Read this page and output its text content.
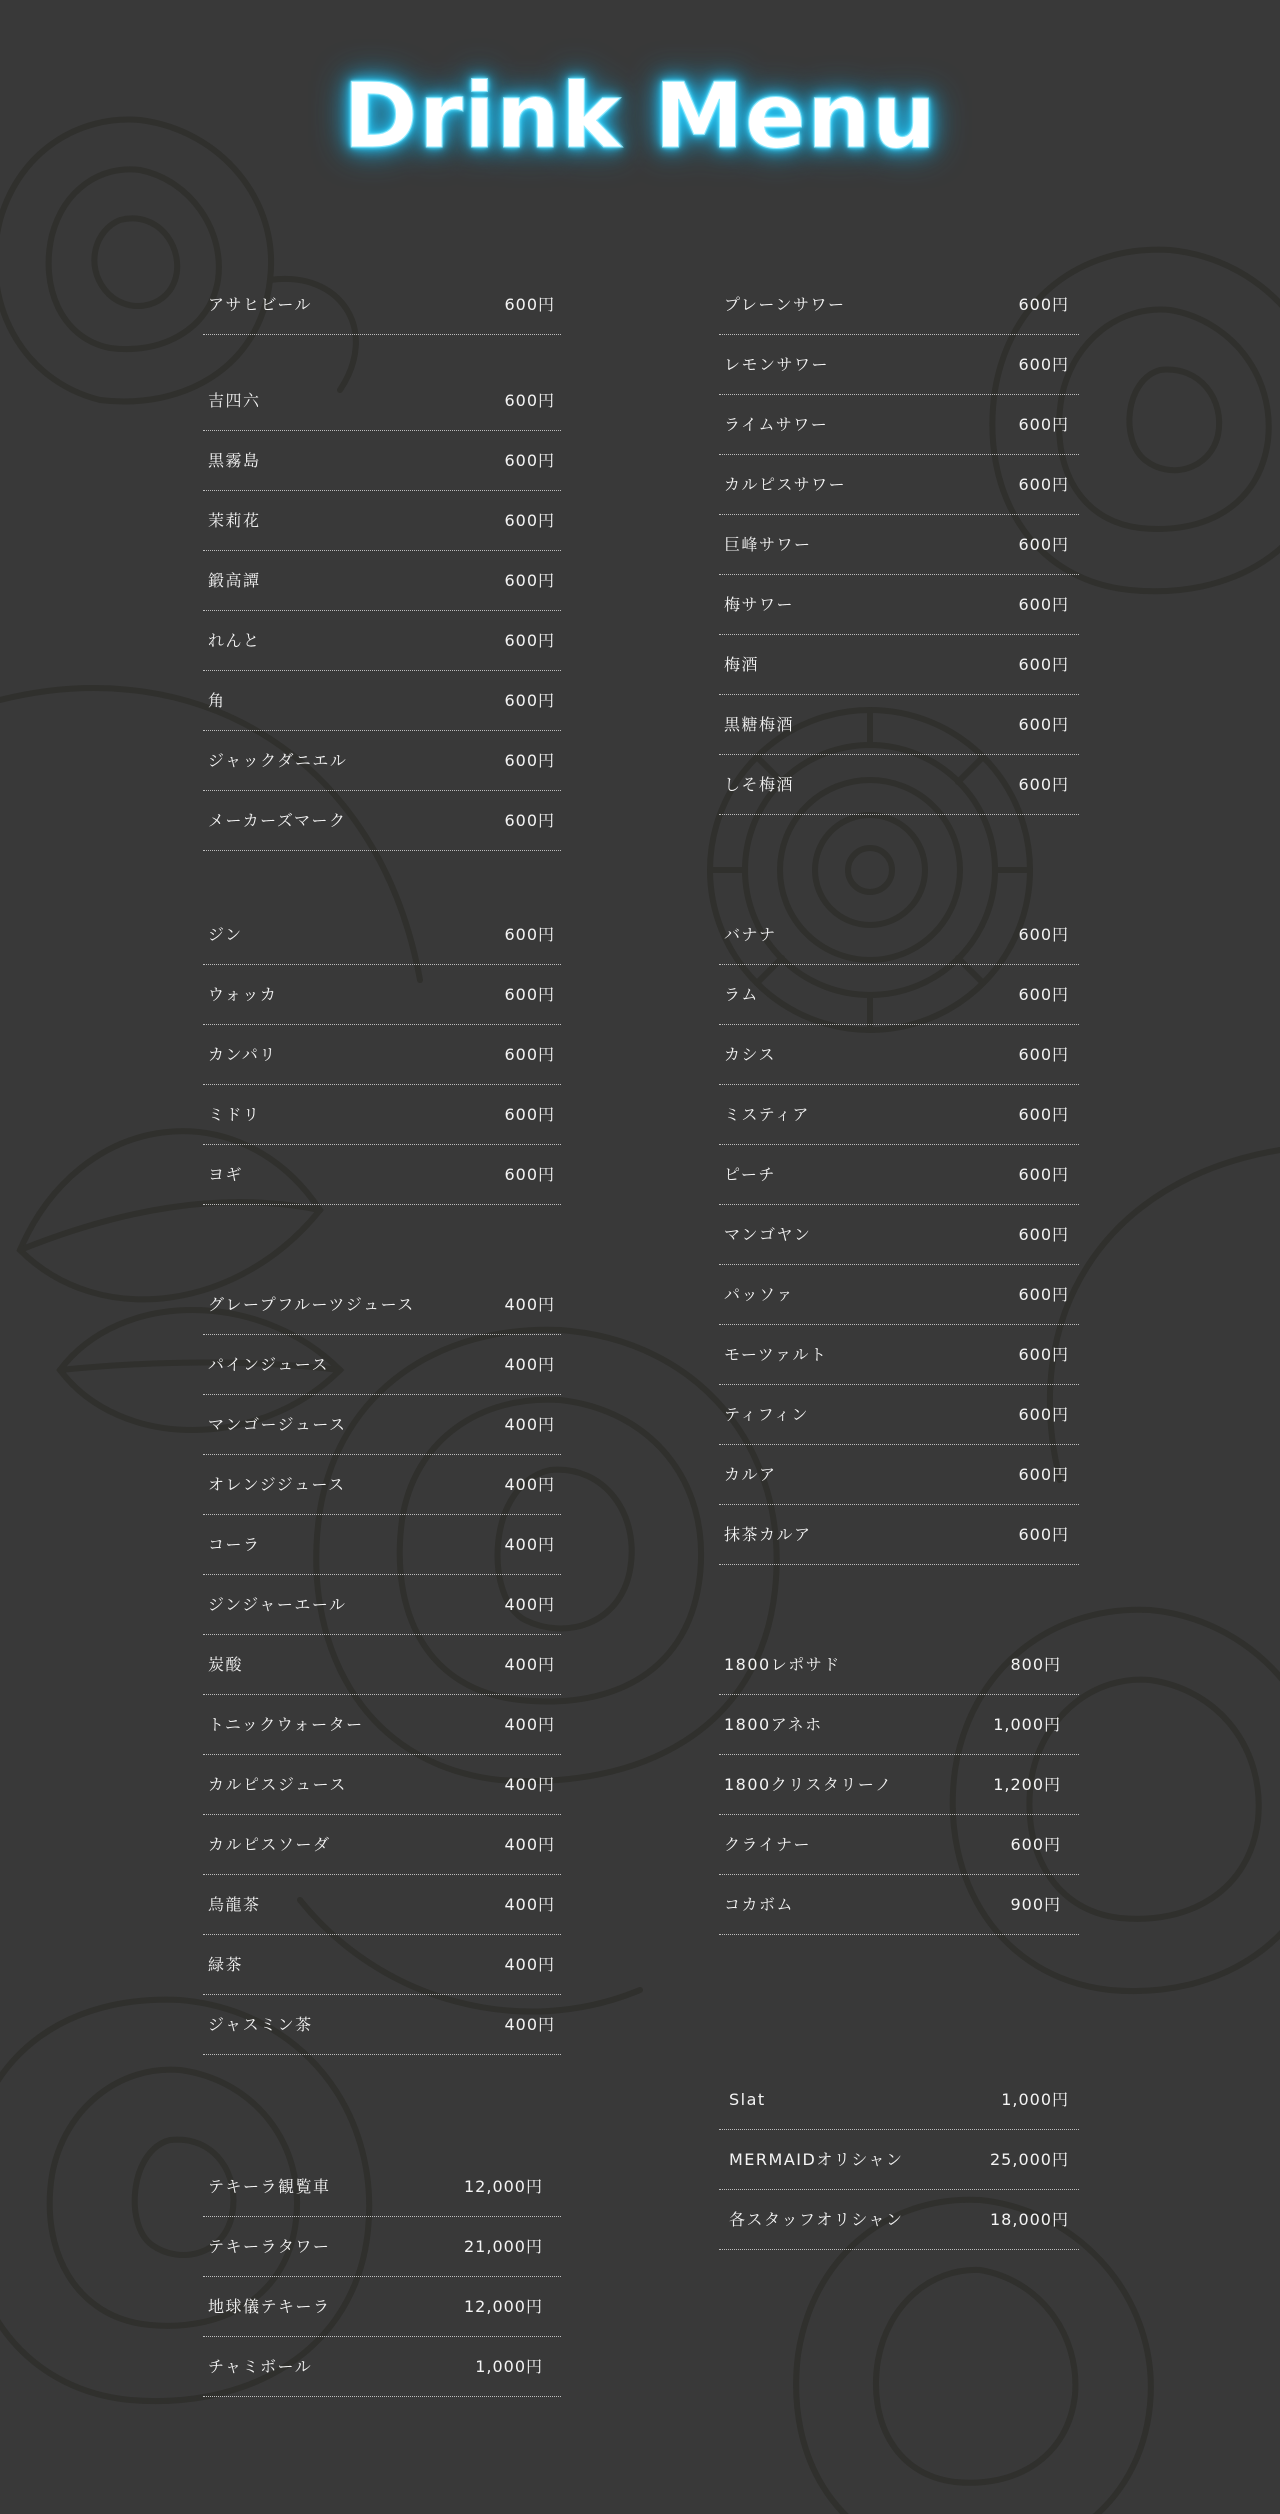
Drink Menu
アサヒビール	600円
吉四六	600円
黒霧島	600円
茉莉花	600円
鍛高譚	600円
れんと	600円
角	600円
ジャックダニエル	600円
メーカーズマーク	600円
ジン	600円
ウォッカ	600円
カンパリ	600円
ミドリ	600円
ヨギ	600円
グレープフルーツジュース	400円
パインジュース	400円
マンゴージュース	400円
オレンジジュース	400円
コーラ	400円
ジンジャーエール	400円
炭酸	400円
トニックウォーター	400円
カルピスジュース	400円
カルピスソーダ	400円
烏龍茶	400円
緑茶	400円
ジャスミン茶	400円
テキーラ観覧車	12,000円
テキーラタワー	21,000円
地球儀テキーラ	12,000円
チャミボール	1,000円
プレーンサワー	600円
レモンサワー	600円
ライムサワー	600円
カルピスサワー	600円
巨峰サワー	600円
梅サワー	600円
梅酒	600円
黒糖梅酒	600円
しそ梅酒	600円
バナナ	600円
ラム	600円
カシス	600円
ミスティア	600円
ピーチ	600円
マンゴヤン	600円
パッソァ	600円
モーツァルト	600円
ティフィン	600円
カルア	600円
抹茶カルア	600円
1800レポサド	800円
1800アネホ	1,000円
1800クリスタリーノ	1,200円
クライナー	600円
コカボム	900円
Slat	1,000円
MERMAIDオリシャン	25,000円
各スタッフオリシャン	18,000円
